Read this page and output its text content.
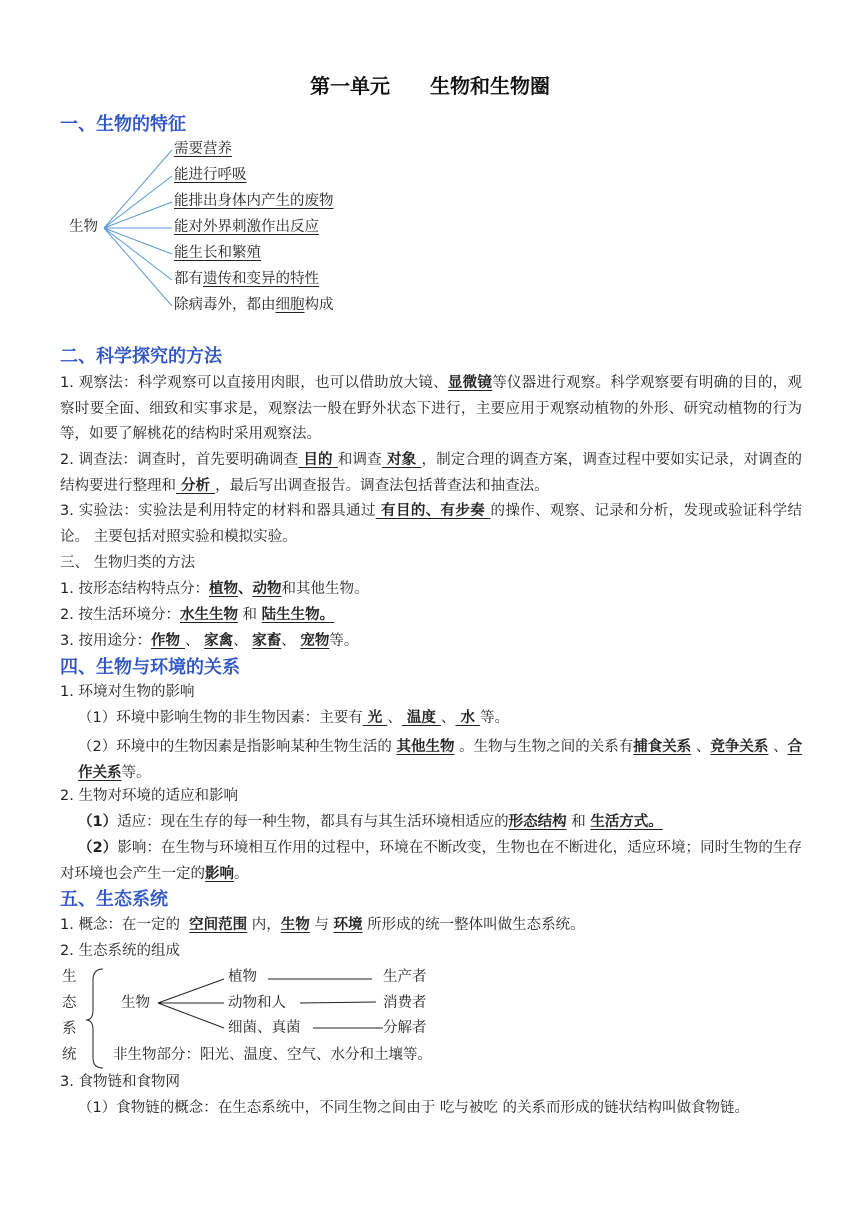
第一单元 生物和生物圈
一、生物的特征
生物
需要营养
能进行呼吸
能排出身体内产生的废物
能对外界刺激作出反应
能生长和繁殖
都有遗传和变异的特性
除病毒外，都由细胞构成
二、科学探究的方法
1. 观察法：科学观察可以直接用肉眼，也可以借助放大镜、显微镜等仪器进行观察。科学观察要有明确的目的，观察时要全面、细致和实事求是，观察法一般在野外状态下进行，主要应用于观察动植物的外形、研究动植物的行为等，如要了解桃花的结构时采用观察法。
2. 调查法：调查时，首先要明确调查 目的 和调查 对象 ，制定合理的调查方案，调查过程中要如实记录，对调查的结构要进行整理和 分析 ，最后写出调查报告。调查法包括普查法和抽查法。
3. 实验法：实验法是利用特定的材料和器具通过 有目的、有步奏 的操作、观察、记录和分析，发现或验证科学结论。 主要包括对照实验和模拟实验。
三、 生物归类的方法
1. 按形态结构特点分：植物、动物和其他生物。
2. 按生活环境分：水生生物 和 陆生生物。
3. 按用途分：作物 、 家禽、 家畜、 宠物等。
四、生物与环境的关系
1. 环境对生物的影响
（1）环境中影响生物的非生物因素：主要有 光 、 温度 、 水 等。
（2）环境中的生物因素是指影响某种生物生活的 其他生物 。生物与生物之间的关系有捕食关系 、竞争关系 、合作关系等。
2. 生物对环境的适应和影响
（1）适应：现在生存的每一种生物，都具有与其生活环境相适应的形态结构 和 生活方式。
（2）影响：在生物与环境相互作用的过程中，环境在不断改变，生物也在不断进化，适应环境；同时生物的生存对环境也会产生一定的影响。
五、生态系统
1. 概念：在一定的 空间范围 内，生物 与 环境 所形成的统一整体叫做生态系统。
2. 生态系统的组成
生
态
系
统
生物
植物	生产者
动物和人	消费者
细菌、真菌	分解者
非生物部分：阳光、温度、空气、水分和土壤等。
3. 食物链和食物网
（1）食物链的概念：在生态系统中，不同生物之间由于 吃与被吃 的关系而形成的链状结构叫做食物链。
